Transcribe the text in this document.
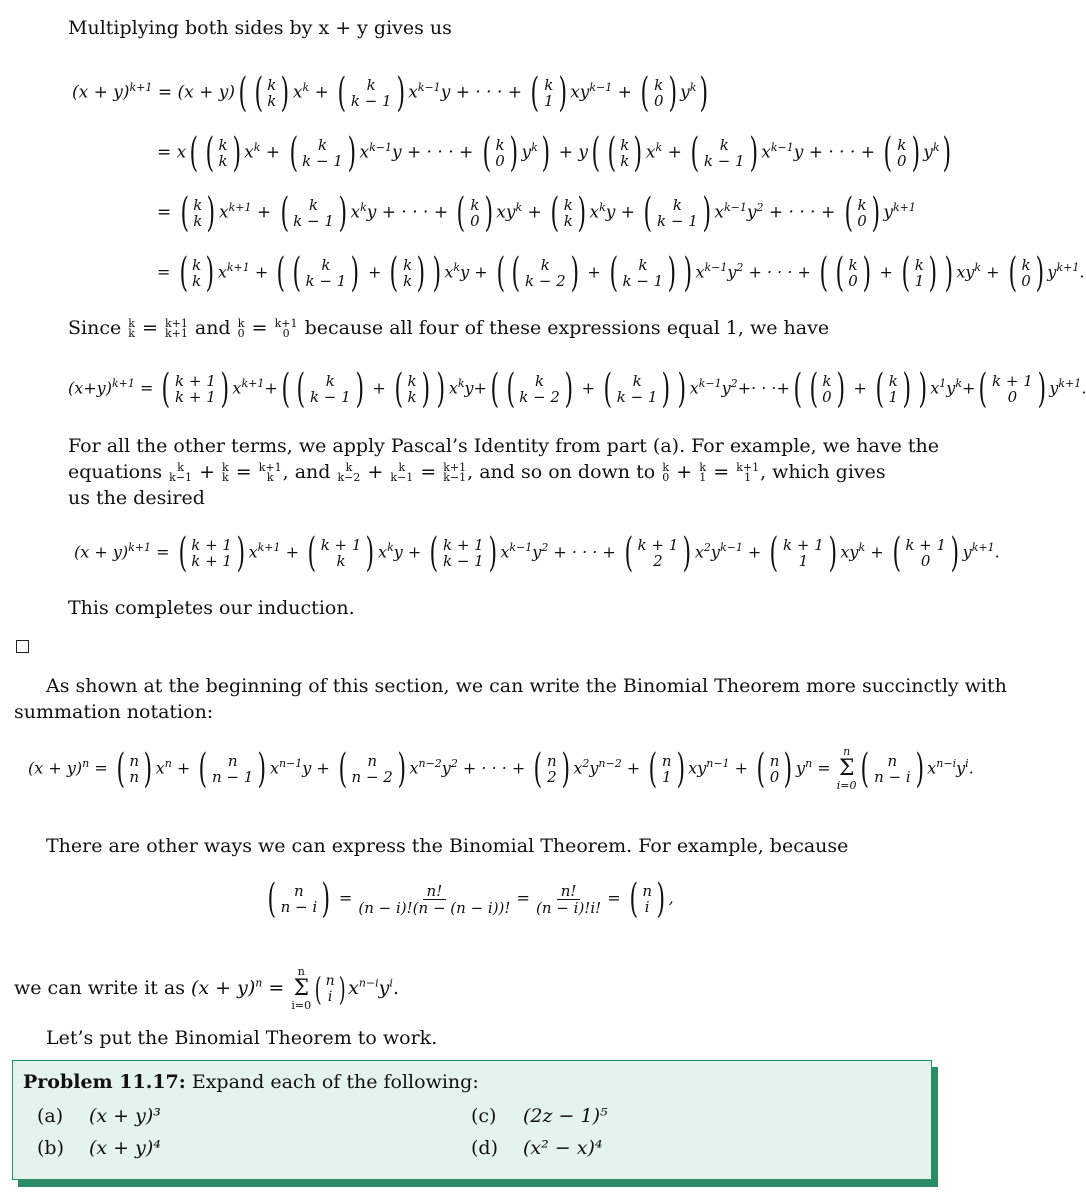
Multiplying both sides by x + y gives us
$(x + y)^{k+1} = (x + y)$( ( k
k ) $x^k$ + ( k
k − 1 ) $x^{k-1}y$ + · · · + ( k
1 ) $xy^{k-1}$ + ( k
0 ) $y^k$)
= x( ( k
k ) $x^k$ + ( k
k − 1 ) $x^{k-1}y$ + · · · + ( k
0 ) $y^k) + y$( ( k
k ) $x^k$ + ( k
k − 1 ) $x^{k-1}y$ + · · · + ( k
0 ) $y^k$)
= ( k
k ) $x^{k+1}$ + ( k
k − 1 ) $x^ky$ + · · · + ( k
0 ) $xy^k$ + ( k
k ) $x^ky$ + ( k
k − 1 ) $x^{k-1}y^2$ + · · · + ( k
0 ) $y^{k+1}$
= ( k
k ) $x^{k+1}$ + ( ( k
k − 1 ) + ( k
k ) ) $x^ky$ + ( ( k
k − 2 ) + ( k
k − 1 ) ) $x^{k-1}y^2$ + · · · + ( ( k
0 ) + ( k
1 ) ) $xy^k$ + ( k
0 ) $y^{k+1}$.
Since k
k = k+1
k+1 and k
0 = k+1
0 because all four of these expressions equal 1, we have
$(x+y)^{k+1}$ = ( k + 1
k + 1 ) $x^{k+1}+$( ( k
k − 1 ) + ( k
k ) ) $x^ky+$( ( k
k − 2 ) + ( k
k − 1 ) ) $x^{k-1}y^2+\cdot$ · ·+( ( k
0 ) + ( k
1 ) ) $x^1y^k+$( k + 1
0 ) $y^{k+1}$.
For all the other terms, we apply Pascal’s Identity from part (a). For example, we have the
equations k
k−1 + k
k = k+1
k , and k
k−2 + k
k−1 = k+1
k−1 , and so on down to k
0 + k
1 = k+1
1 , which gives
us the desired
$(x + y)^{k+1}$ = ( k + 1
k + 1 ) $x^{k+1}$ + ( k + 1
k ) $x^ky$ + ( k + 1
k − 1 ) $x^{k-1}y^2$ + · · · + ( k + 1
2 ) $x^2y^{k-1}$ + ( k + 1
1 ) $xy^k$ + ( k + 1
0 ) $y^{k+1}$.
This completes our induction.
As shown at the beginning of this section, we can write the Binomial Theorem more succinctly with
summation notation:
$(x + y)^n$ = ( n
n ) $x^n$ + ( n
n − 1 ) $x^{n-1}y$ + ( n
n − 2 ) $x^{n-2}y^2$ + · · · + ( n
2 ) $x^2y^{n-2}$ + ( n
1 ) $xy^{n-1}$ + ( n
0 ) $y^n$ =
n
Σ
i=0 ( n
n − i ) $x^{n-i}y^i$.
There are other ways we can express the Binomial Theorem. For example, because
( n
n − i ) = $\frac{n!}{(n - i)!(n - (n - i))!} = \frac{n!}{(n - i)!i!}$ = ( n
i ) ,
we can write it as $(x + y)^n$ =
n
Σ
i=0 ( n
i ) $x^{n-i}y^i$.
Let’s put the Binomial Theorem to work.
Problem 11.17: Expand each of the following:
(a) (x + y)³	(c) (2z − 1)⁵
(b) (x + y)⁴	(d) (x² − x)⁴
